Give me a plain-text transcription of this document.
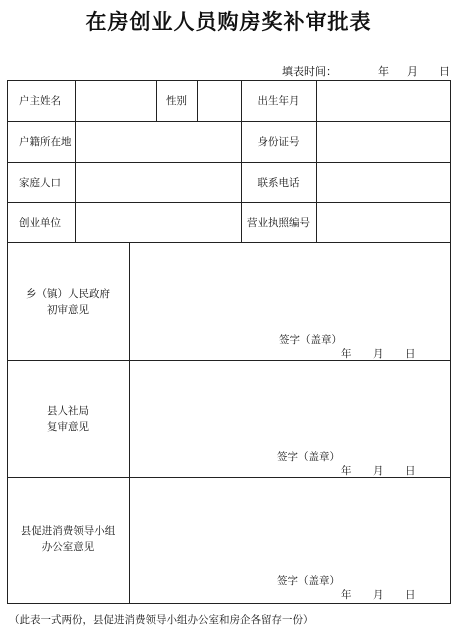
在房创业人员购房奖补审批表
填表时间：	年 月 日
户主姓名	性别	出生年月
户籍所在地	身份证号
家庭人口	联系电话
创业单位	营业执照编号
乡（镇）人民政府
初审意见
签字（盖章）
年 月 日
县人社局
复审意见
签字（盖章）
年 月 日
县促进消费领导小组
办公室意见
签字（盖章）
年 月 日
（此表一式两份，县促进消费领导小组办公室和房企各留存一份）
